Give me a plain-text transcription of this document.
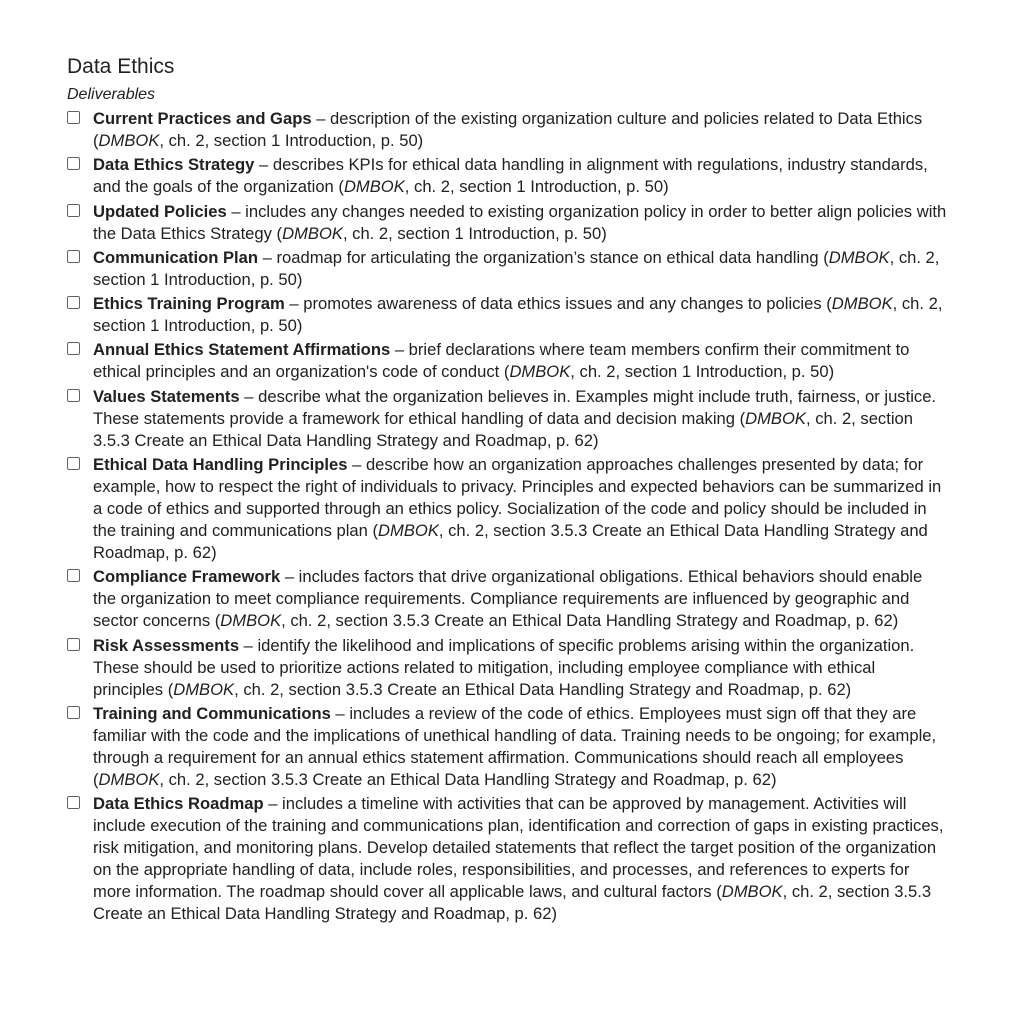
Data Ethics
Deliverables
Current Practices and Gaps – description of the existing organization culture and policies related to Data Ethics (DMBOK, ch. 2, section 1 Introduction, p. 50)
Data Ethics Strategy – describes KPIs for ethical data handling in alignment with regulations, industry standards, and the goals of the organization (DMBOK, ch. 2, section 1 Introduction, p. 50)
Updated Policies – includes any changes needed to existing organization policy in order to better align policies with the Data Ethics Strategy (DMBOK, ch. 2, section 1 Introduction, p. 50)
Communication Plan – roadmap for articulating the organization’s stance on ethical data handling (DMBOK, ch. 2, section 1 Introduction, p. 50)
Ethics Training Program – promotes awareness of data ethics issues and any changes to policies (DMBOK, ch. 2, section 1 Introduction, p. 50)
Annual Ethics Statement Affirmations – brief declarations where team members confirm their commitment to ethical principles and an organization's code of conduct (DMBOK, ch. 2, section 1 Introduction, p. 50)
Values Statements – describe what the organization believes in. Examples might include truth, fairness, or justice. These statements provide a framework for ethical handling of data and decision making (DMBOK, ch. 2, section 3.5.3 Create an Ethical Data Handling Strategy and Roadmap, p. 62)
Ethical Data Handling Principles – describe how an organization approaches challenges presented by data; for example, how to respect the right of individuals to privacy. Principles and expected behaviors can be summarized in a code of ethics and supported through an ethics policy. Socialization of the code and policy should be included in the training and communications plan (DMBOK, ch. 2, section 3.5.3 Create an Ethical Data Handling Strategy and Roadmap, p. 62)
Compliance Framework – includes factors that drive organizational obligations. Ethical behaviors should enable the organization to meet compliance requirements. Compliance requirements are influenced by geographic and sector concerns (DMBOK, ch. 2, section 3.5.3 Create an Ethical Data Handling Strategy and Roadmap, p. 62)
Risk Assessments – identify the likelihood and implications of specific problems arising within the organization. These should be used to prioritize actions related to mitigation, including employee compliance with ethical principles (DMBOK, ch. 2, section 3.5.3 Create an Ethical Data Handling Strategy and Roadmap, p. 62)
Training and Communications – includes a review of the code of ethics. Employees must sign off that they are familiar with the code and the implications of unethical handling of data. Training needs to be ongoing; for example, through a requirement for an annual ethics statement affirmation. Communications should reach all employees (DMBOK, ch. 2, section 3.5.3 Create an Ethical Data Handling Strategy and Roadmap, p. 62)
Data Ethics Roadmap – includes a timeline with activities that can be approved by management. Activities will include execution of the training and communications plan, identification and correction of gaps in existing practices, risk mitigation, and monitoring plans. Develop detailed statements that reflect the target position of the organization on the appropriate handling of data, include roles, responsibilities, and processes, and references to experts for more information. The roadmap should cover all applicable laws, and cultural factors (DMBOK, ch. 2, section 3.5.3 Create an Ethical Data Handling Strategy and Roadmap, p. 62)
